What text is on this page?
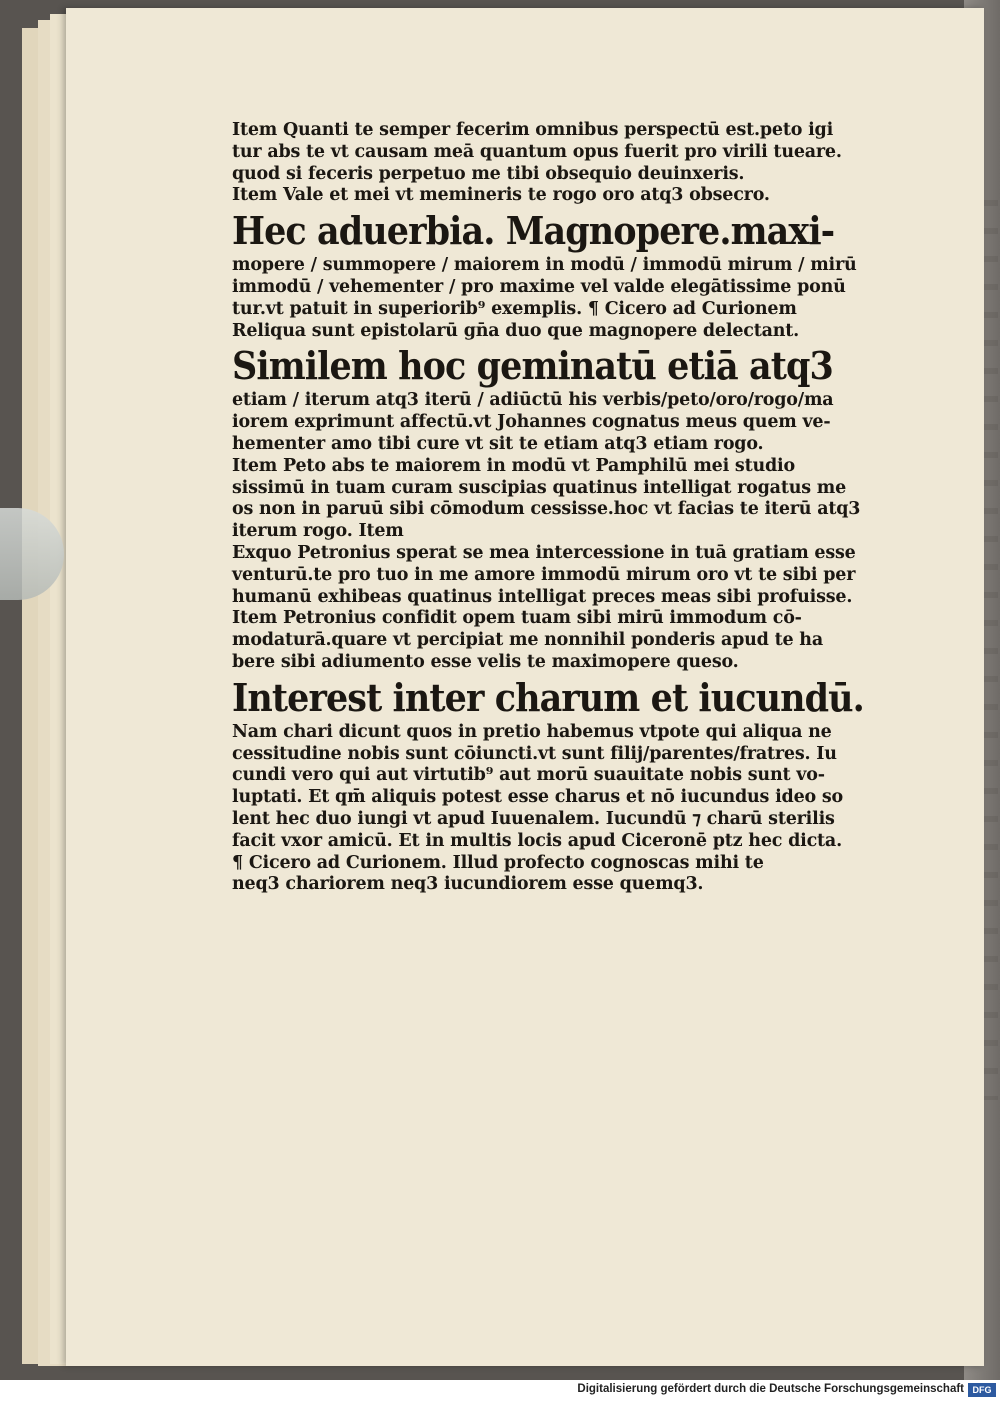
Item Quanti te semper fecerim omnibus perspectū est.peto igi
tur abs te vt causam meā quantum opus fuerit pro virili tueare.
quod si feceris perpetuo me tibi obsequio deuinxeris.
Item Vale et mei vt memineris te rogo oro atq3 obsecro.
Hec aduerbia. Magnopere.maxi-
mopere / summopere / maiorem in modū / immodū mirum / mirū
immodū / vehementer / pro maxime vel valde elegātissime ponū
tur.vt patuit in superiorib⁹ exemplis. ¶ Cicero ad Curionem
Reliqua sunt epistolarū gn̄a duo que magnopere delectant.
Similem hoc geminatū etiā atq3
etiam / iterum atq3 iterū / adiūctū his verbis/peto/oro/rogo/ma
iorem exprimunt affectū.vt Johannes cognatus meus quem ve-
hementer amo tibi cure vt sit te etiam atq3 etiam rogo.
Item Peto abs te maiorem in modū vt Pamphilū mei studio
sissimū in tuam curam suscipias quatinus intelligat rogatus me
os non in paruū sibi cōmodum cessisse.hoc vt facias te iterū atq3
iterum rogo. Item
Exquo Petronius sperat se mea intercessione in tuā gratiam esse
venturū.te pro tuo in me amore immodū mirum oro vt te sibi per
humanū exhibeas quatinus intelligat preces meas sibi profuisse.
Item Petronius confidit opem tuam sibi mirū immodum cō-
modaturā.quare vt percipiat me nonnihil ponderis apud te ha
bere sibi adiumento esse velis te maximopere queso.
Interest inter charum et iucundū.
Nam chari dicunt quos in pretio habemus vtpote qui aliqua ne
cessitudine nobis sunt cōiuncti.vt sunt filij/parentes/fratres. Iu
cundi vero qui aut virtutib⁹ aut morū suauitate nobis sunt vo-
luptati. Et qm̄ aliquis potest esse charus et nō iucundus ideo so
lent hec duo iungi vt apud Iuuenalem. Iucundū ⁊ charū sterilis
facit vxor amicū. Et in multis locis apud Ciceronē ptz hec dicta.
¶ Cicero ad Curionem. Illud profecto cognoscas mihi te
neq3 chariorem neq3 iucundiorem esse quemq3.
Digitalisierung gefördert durch die Deutsche Forschungsgemeinschaft DFG
